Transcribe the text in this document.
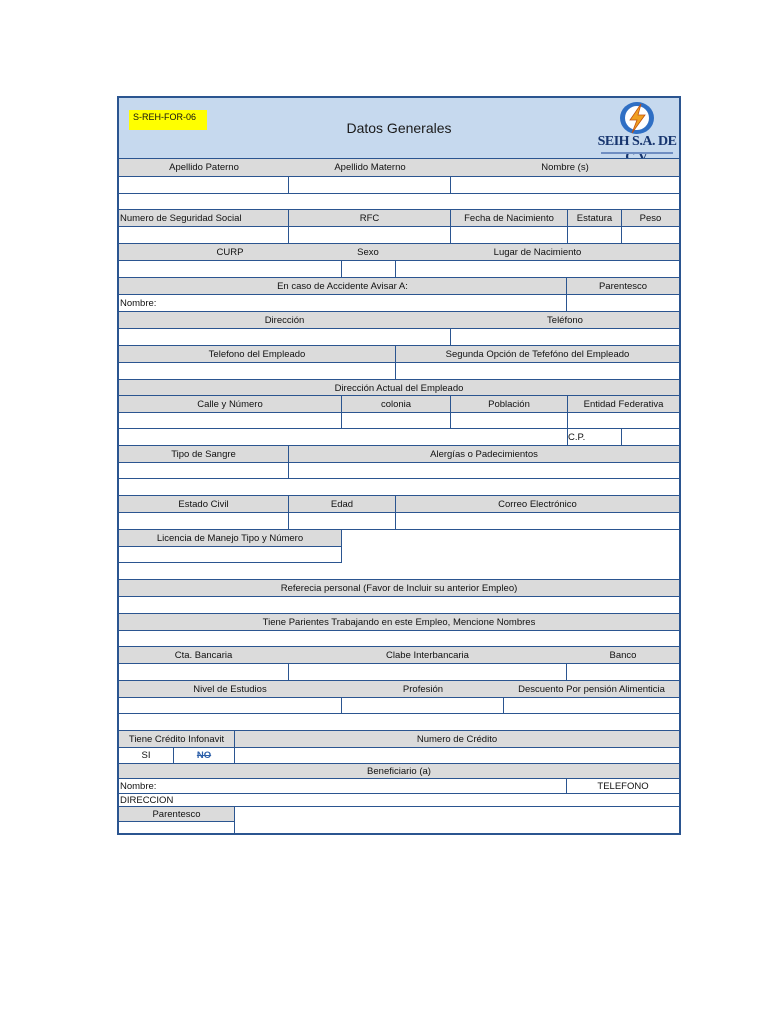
S-REH-FOR-06
Datos Generales
SEIH S.A. DE
Apellido Paterno	Apellido Materno	Nombre (s)
Numero de Seguridad Social	RFC	Fecha de Nacimiento	Estatura	Peso
CURP	Sexo	Lugar de Nacimiento
En caso de Accidente Avisar A:	Parentesco
Nombre:
Dirección	Teléfono
Telefono del Empleado	Segunda Opción de Tefefóno del Empleado
Dirección Actual del Empleado
Calle y Número	colonia	Población	Entidad Federativa
C.P.
Tipo de Sangre	Alergías o Padecimientos
Estado Civil	Edad	Correo Electrónico
Licencia de Manejo Tipo y Número
Referecia personal (Favor de Incluir su anterior Empleo)
Tiene Parientes Trabajando en este Empleo, Mencione Nombres
Cta. Bancaria	Clabe Interbancaria	Banco
Nivel de Estudios	Profesión	Descuento Por pensión Alimenticia
Tiene Crédito Infonavit	Numero de Crédito
SI	NO
Beneficiario (a)
Nombre:	TELEFONO
DIRECCION
Parentesco
